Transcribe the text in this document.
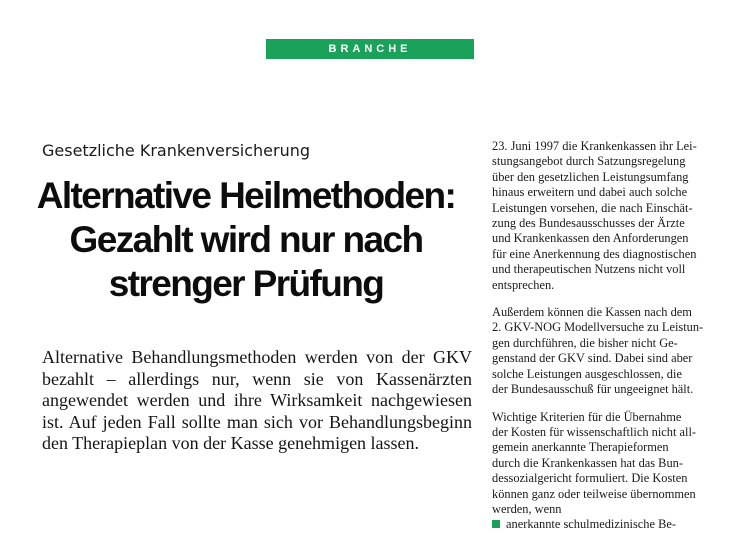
BRANCHE
Gesetzliche Krankenversicherung
Alternative Heilmethoden:
Gezahlt wird nur nach
strenger Prüfung

Alternative Behandlungsmethoden werden von der GKV bezahlt – allerdings nur, wenn sie von Kassenärzten angewendet werden und ihre Wirksamkeit nachgewiesen ist. Auf jeden Fall sollte man sich vor Behandlungsbeginn den Therapieplan von der Kasse genehmigen lassen.

23. Juni 1997 die Krankenkassen ihr Lei-
stungsangebot durch Satzungsregelung
über den gesetzlichen Leistungsumfang
hinaus erweitern und dabei auch solche
Leistungen vorsehen, die nach Einschät-
zung des Bundesausschusses der Ärzte
und Krankenkassen den Anforderungen
für eine Anerkennung des diagnostischen
und therapeutischen Nutzens nicht voll
entsprechen.

Außerdem können die Kassen nach dem
2. GKV-NOG Modellversuche zu Leistun-
gen durchführen, die bisher nicht Ge-
genstand der GKV sind. Dabei sind aber
solche Leistungen ausgeschlossen, die
der Bundesausschuß für ungeeignet hält.

Wichtige Kriterien für die Übernahme
der Kosten für wissenschaftlich nicht all-
gemein anerkannte Therapieformen
durch die Krankenkassen hat das Bun-
dessozialgericht formuliert. Die Kosten
können ganz oder teilweise übernommen
werden, wenn

anerkannte schulmedizinische Be-
